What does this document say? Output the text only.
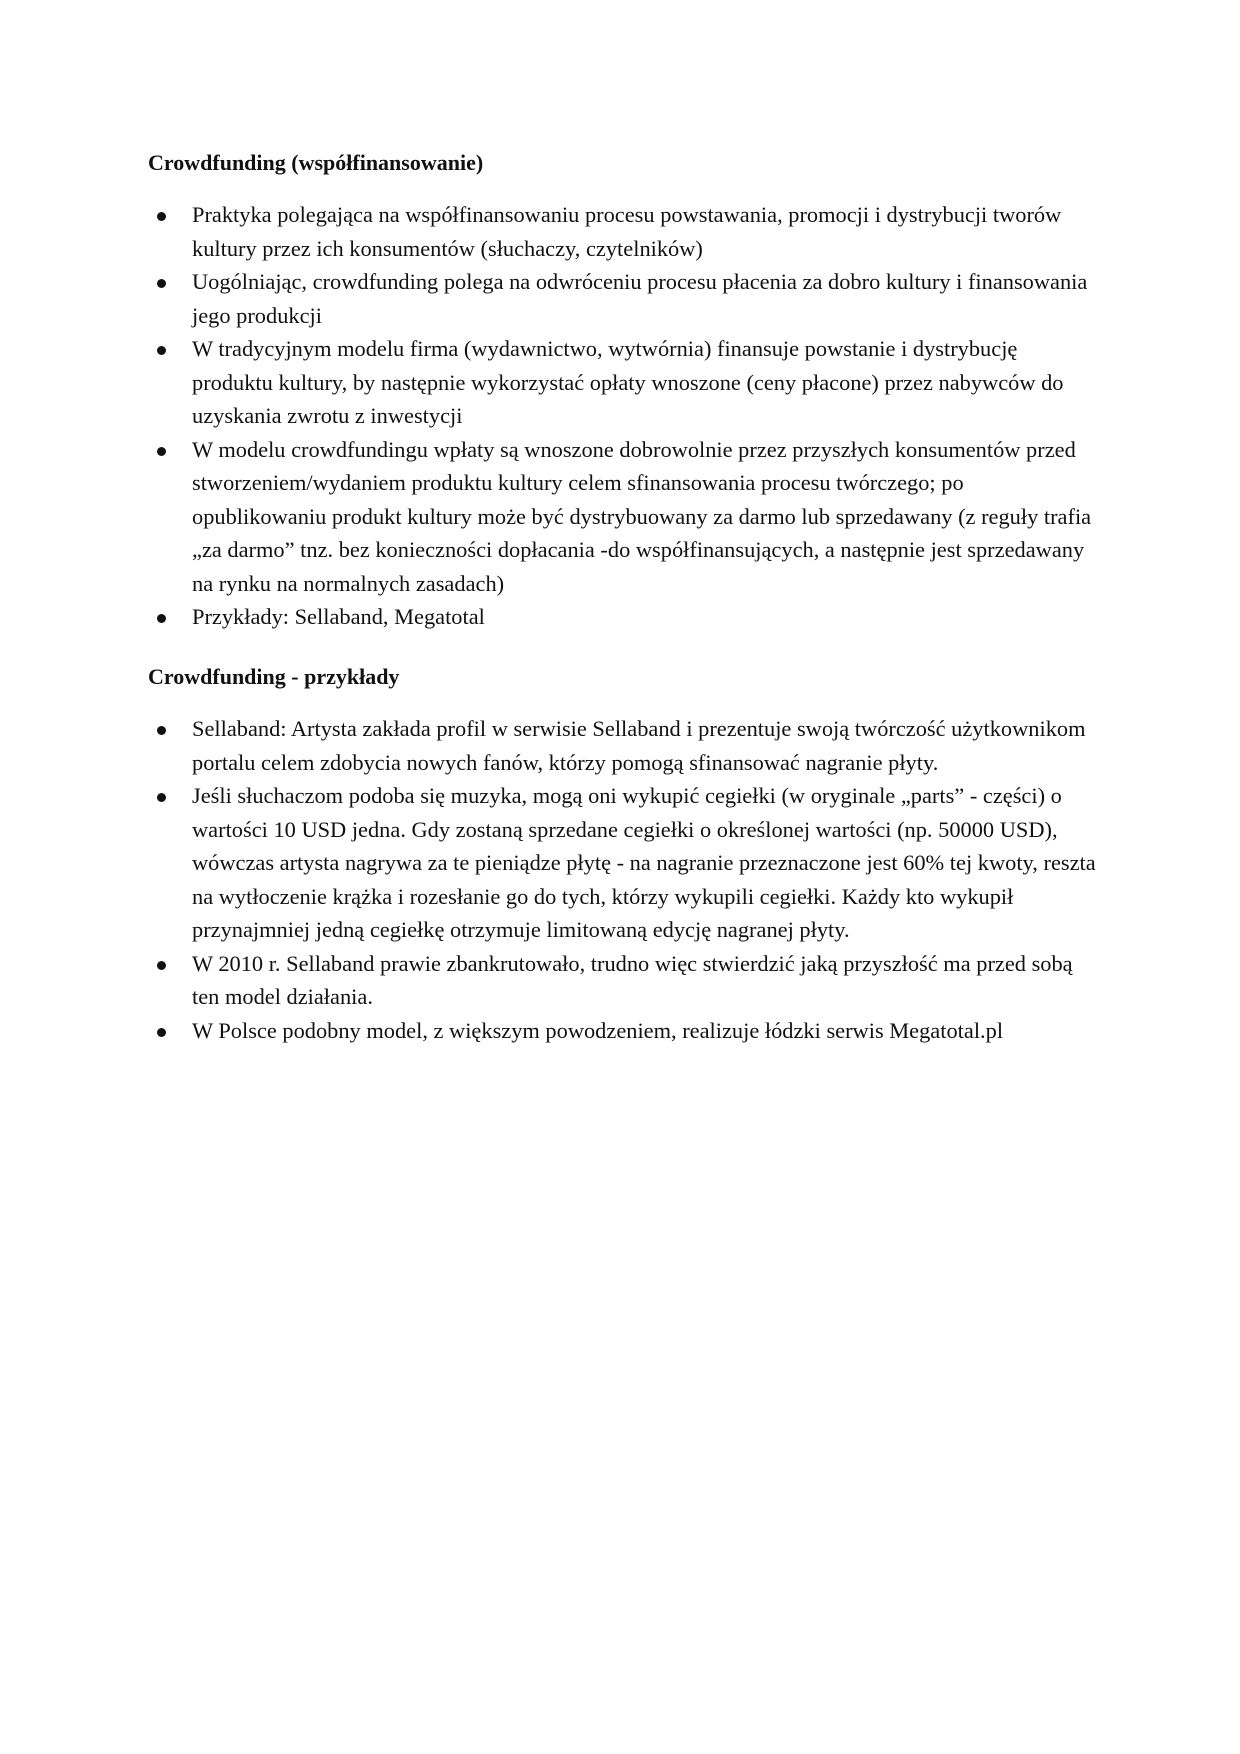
Crowdfunding (współfinansowanie)
Praktyka polegająca na współfinansowaniu procesu powstawania, promocji i dystrybucji tworów kultury przez ich konsumentów (słuchaczy, czytelników)
Uogólniając, crowdfunding polega na odwróceniu procesu płacenia za dobro kultury i finansowania jego produkcji
W tradycyjnym modelu firma (wydawnictwo, wytwórnia) finansuje powstanie i dystrybucję produktu kultury, by następnie wykorzystać opłaty wnoszone (ceny płacone) przez nabywców do uzyskania zwrotu z inwestycji
W modelu crowdfundingu wpłaty są wnoszone dobrowolnie przez przyszłych konsumentów przed stworzeniem/wydaniem produktu kultury celem sfinansowania procesu twórczego; po opublikowaniu produkt kultury może być dystrybuowany za darmo lub sprzedawany (z reguły trafia „za darmo” tnz. bez konieczności dopłacania -do współfinansujących, a następnie jest sprzedawany na rynku na normalnych zasadach)
Przykłady: Sellaband, Megatotal
Crowdfunding - przykłady
Sellaband: Artysta zakłada profil w serwisie Sellaband i prezentuje swoją twórczość użytkownikom portalu celem zdobycia nowych fanów, którzy pomogą sfinansować nagranie płyty.
Jeśli słuchaczom podoba się muzyka, mogą oni wykupić cegiełki (w oryginale „parts” - części) o wartości 10 USD jedna. Gdy zostaną sprzedane cegiełki o określonej wartości (np. 50000 USD), wówczas artysta nagrywa za te pieniądze płytę - na nagranie przeznaczone jest 60% tej kwoty, reszta na wytłoczenie krążka i rozesłanie go do tych, którzy wykupili cegiełki. Każdy kto wykupił przynajmniej jedną cegiełkę otrzymuje limitowaną edycję nagranej płyty.
W 2010 r. Sellaband prawie zbankrutowało, trudno więc stwierdzić jaką przyszłość ma przed sobą ten model działania.
W Polsce podobny model, z większym powodzeniem, realizuje łódzki serwis Megatotal.pl
